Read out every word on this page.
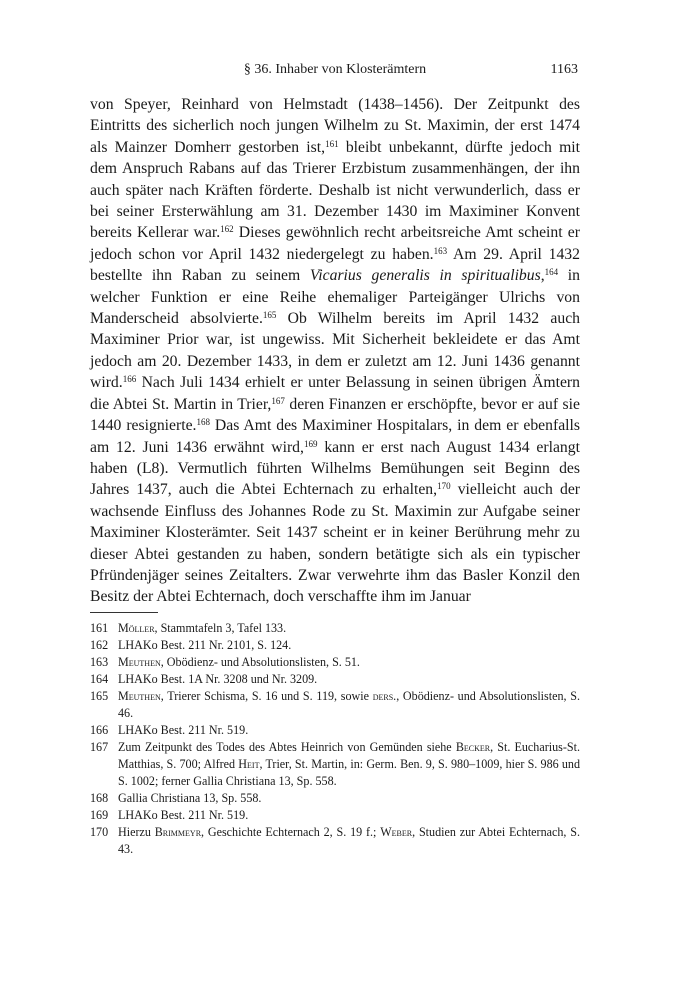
§ 36. Inhaber von Klosterämtern	1163

von Speyer, Reinhard von Helmstadt (1438–1456). Der Zeitpunkt des Eintritts des sicherlich noch jungen Wilhelm zu St. Maximin, der erst 1474 als Mainzer Domherr gestorben ist,$^{161}$ bleibt unbekannt, dürfte jedoch mit dem Anspruch Rabans auf das Trierer Erzbistum zusammenhängen, der ihn auch später nach Kräften förderte. Deshalb ist nicht verwunderlich, dass er bei seiner Ersterwählung am 31. Dezember 1430 im Maximiner Konvent bereits Kellerar war.$^{162}$ Dieses gewöhnlich recht arbeitsreiche Amt scheint er jedoch schon vor April 1432 niedergelegt zu haben.$^{163}$ Am 29. April 1432 bestellte ihn Raban zu seinem Vicarius generalis in spiritualibus,$^{164}$ in welcher Funktion er eine Reihe ehemaliger Parteigänger Ulrichs von Manderscheid absolvierte.$^{165}$ Ob Wilhelm bereits im April 1432 auch Maximiner Prior war, ist ungewiss. Mit Sicherheit bekleidete er das Amt jedoch am 20. Dezember 1433, in dem er zuletzt am 12. Juni 1436 genannt wird.$^{166}$ Nach Juli 1434 erhielt er unter Belassung in seinen übrigen Ämtern die Abtei St. Martin in Trier,$^{167}$ deren Finanzen er erschöpfte, bevor er auf sie 1440 resignierte.$^{168}$ Das Amt des Maximiner Hospitalars, in dem er ebenfalls am 12. Juni 1436 erwähnt wird,$^{169}$ kann er erst nach August 1434 erlangt haben (L8). Vermutlich führten Wilhelms Bemühungen seit Beginn des Jahres 1437, auch die Abtei Echternach zu erhalten,$^{170}$ vielleicht auch der wachsende Einfluss des Johannes Rode zu St. Maximin zur Aufgabe seiner Maximiner Klosterämter. Seit 1437 scheint er in keiner Berührung mehr zu dieser Abtei gestanden zu haben, sondern betätigte sich als ein typischer Pfründenjäger seines Zeitalters. Zwar verwehrte ihm das Basler Konzil den Besitz der Abtei Echternach, doch verschaffte ihm im Januar

161 Möller, Stammtafeln 3, Tafel 133.
162 LHAKo Best. 211 Nr. 2101, S. 124.
163 Meuthen, Obödienz- und Absolutionslisten, S. 51.
164 LHAKo Best. 1A Nr. 3208 und Nr. 3209.
165 Meuthen, Trierer Schisma, S. 16 und S. 119, sowie ders., Obödienz- und Absolutionslisten, S. 46.
166 LHAKo Best. 211 Nr. 519.
167 Zum Zeitpunkt des Todes des Abtes Heinrich von Gemünden siehe Becker, St. Eucharius-St. Matthias, S. 700; Alfred Heit, Trier, St. Martin, in: Germ. Ben. 9, S. 980–1009, hier S. 986 und S. 1002; ferner Gallia Christiana 13, Sp. 558.
168 Gallia Christiana 13, Sp. 558.
169 LHAKo Best. 211 Nr. 519.
170 Hierzu Brimmeyr, Geschichte Echternach 2, S. 19 f.; Weber, Studien zur Abtei Echternach, S. 43.
